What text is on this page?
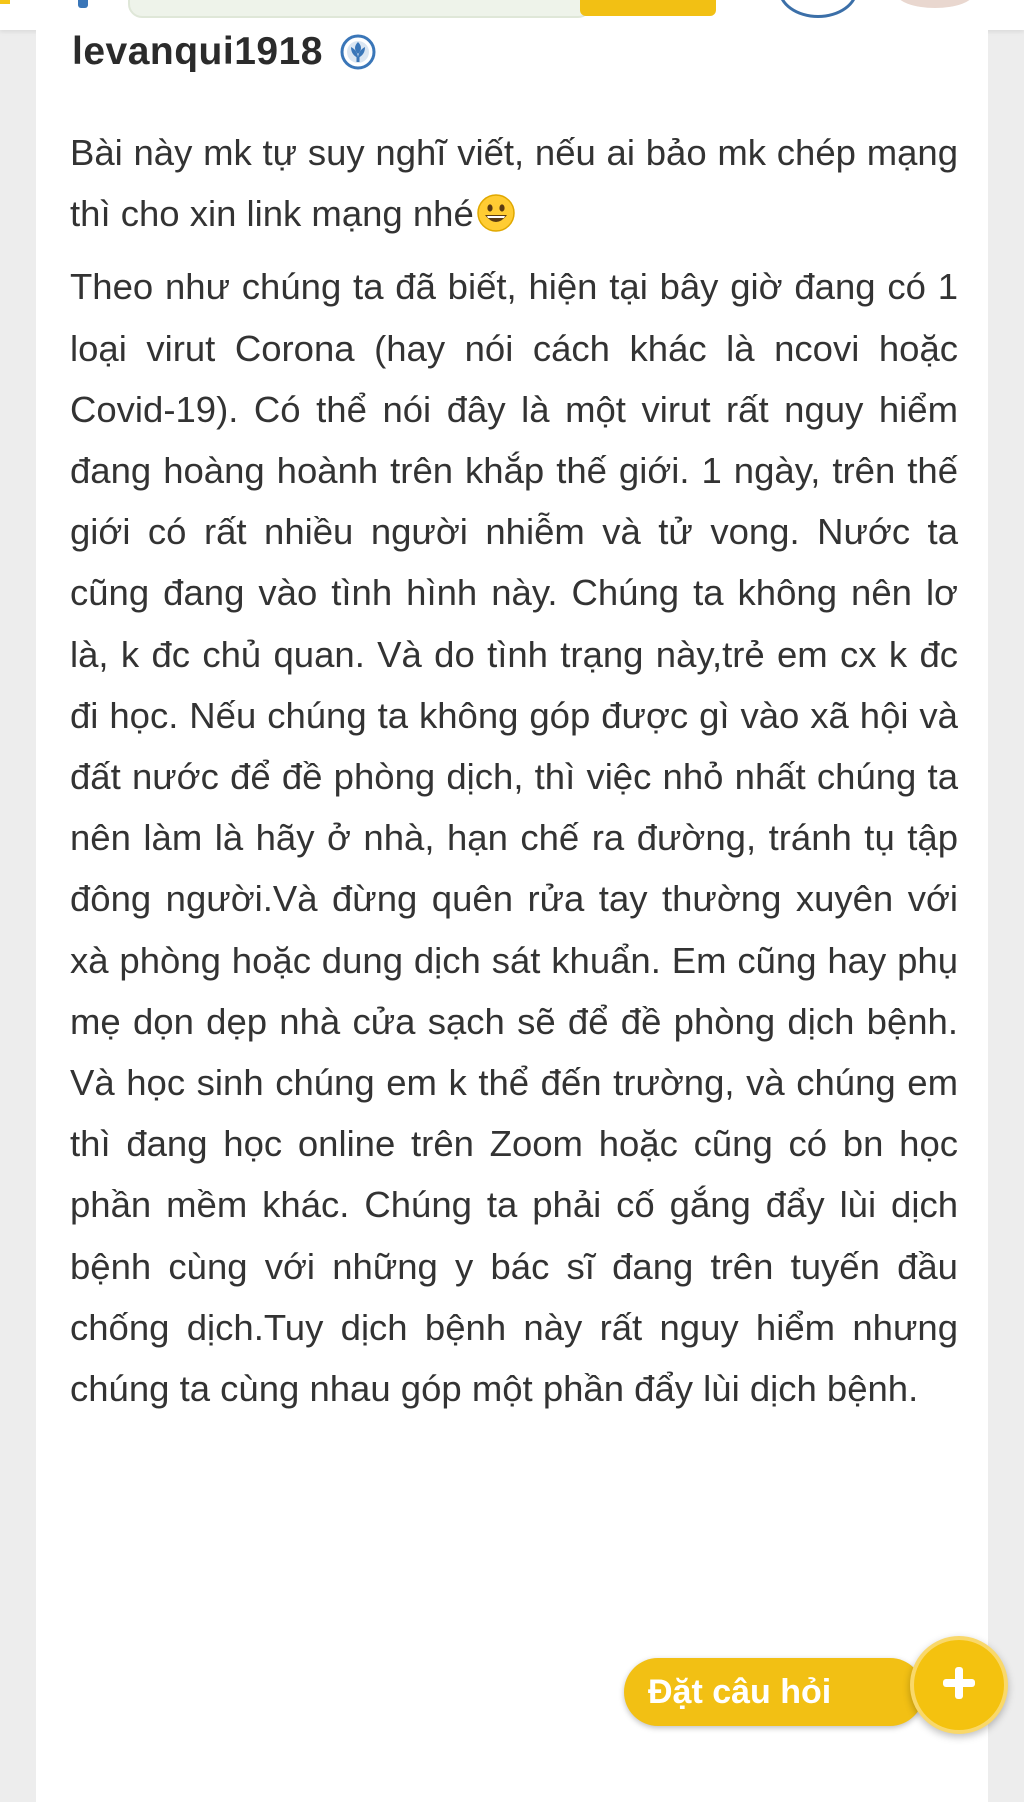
levanqui1918

Bài này mk tự suy nghĩ viết, nếu ai bảo mk chép mạng thì cho xin link mạng nhé

Theo như chúng ta đã biết, hiện tại bây giờ đang có 1 loại virut Corona (hay nói cách khác là ncovi hoặc Covid-19). Có thể nói đây là một virut rất nguy hiểm đang hoàng hoành trên khắp thế giới. 1 ngày, trên thế giới có rất nhiều người nhiễm và tử vong. Nước ta cũng đang vào tình hình này. Chúng ta không nên lơ là, k đc chủ quan. Và do tình trạng này,trẻ em cx k đc đi học. Nếu chúng ta không góp được gì vào xã hội và đất nước để đề phòng dịch, thì việc nhỏ nhất chúng ta nên làm là hãy ở nhà, hạn chế ra đường, tránh tụ tập đông người.Và đừng quên rửa tay thường xuyên với xà phòng hoặc dung dịch sát khuẩn. Em cũng hay phụ mẹ dọn dẹp nhà cửa sạch sẽ để đề phòng dịch bệnh. Và học sinh chúng em k thể đến trường, và chúng em thì đang học online trên Zoom hoặc cũng có bn học phần mềm khác. Chúng ta phải cố gắng đẩy lùi dịch bệnh cùng với những y bác sĩ đang trên tuyến đầu chống dịch.Tuy dịch bệnh này rất nguy hiểm nhưng chúng ta cùng nhau góp một phần đẩy lùi dịch bệnh.

Đặt câu hỏi
